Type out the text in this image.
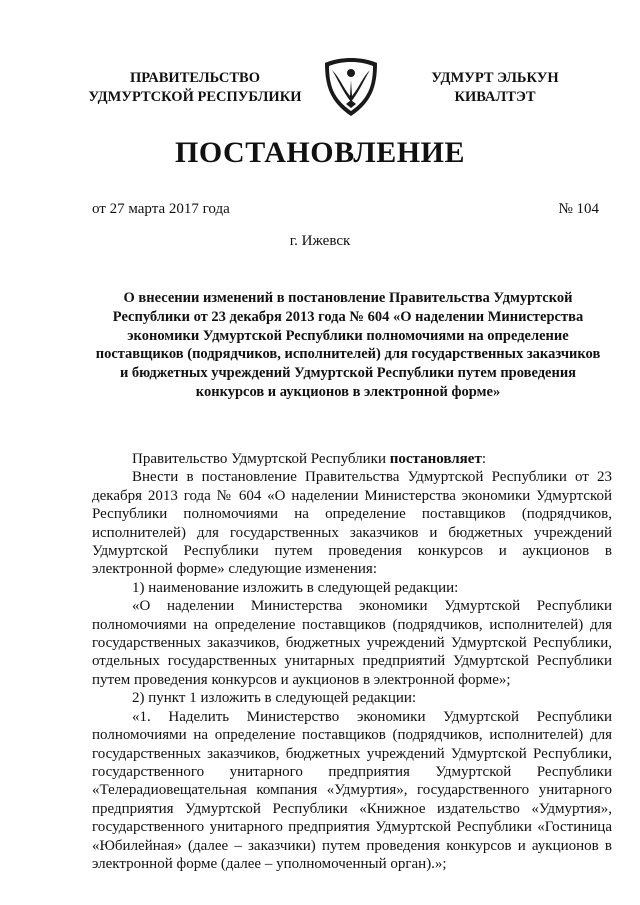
ПРАВИТЕЛЬСТВО
УДМУРТСКОЙ РЕСПУБЛИКИ
УДМУРТ ЭЛЬКУН
КИВАЛТЭТ
ПОСТАНОВЛЕНИЕ
от 27 марта 2017 года	№ 104
г. Ижевск
О внесении изменений в постановление Правительства Удмуртской Республики от 23 декабря 2013 года № 604 «О наделении Министерства экономики Удмуртской Республики полномочиями на определение поставщиков (подрядчиков, исполнителей) для государственных заказчиков и бюджетных учреждений Удмуртской Республики путем проведения конкурсов и аукционов в электронной форме»

Правительство Удмуртской Республики постановляет:

Внести в постановление Правительства Удмуртской Республики от 23 декабря 2013 года № 604 «О наделении Министерства экономики Удмуртской Республики полномочиями на определение поставщиков (подрядчиков, исполнителей) для государственных заказчиков и бюджетных учреждений Удмуртской Республики путем проведения конкурсов и аукционов в электронной форме» следующие изменения:

1) наименование изложить в следующей редакции:

«О наделении Министерства экономики Удмуртской Республики полномочиями на определение поставщиков (подрядчиков, исполнителей) для государственных заказчиков, бюджетных учреждений Удмуртской Республики, отдельных государственных унитарных предприятий Удмуртской Республики путем проведения конкурсов и аукционов в электронной форме»;

2) пункт 1 изложить в следующей редакции:

«1. Наделить Министерство экономики Удмуртской Республики полномочиями на определение поставщиков (подрядчиков, исполнителей) для государственных заказчиков, бюджетных учреждений Удмуртской Республики, государственного унитарного предприятия Удмуртской Республики «Телерадиовещательная компания «Удмуртия», государственного унитарного предприятия Удмуртской Республики «Книжное издательство «Удмуртия», государственного унитарного предприятия Удмуртской Республики «Гостиница «Юбилейная» (далее – заказчики) путем проведения конкурсов и аукционов в электронной форме (далее – уполномоченный орган).»;
